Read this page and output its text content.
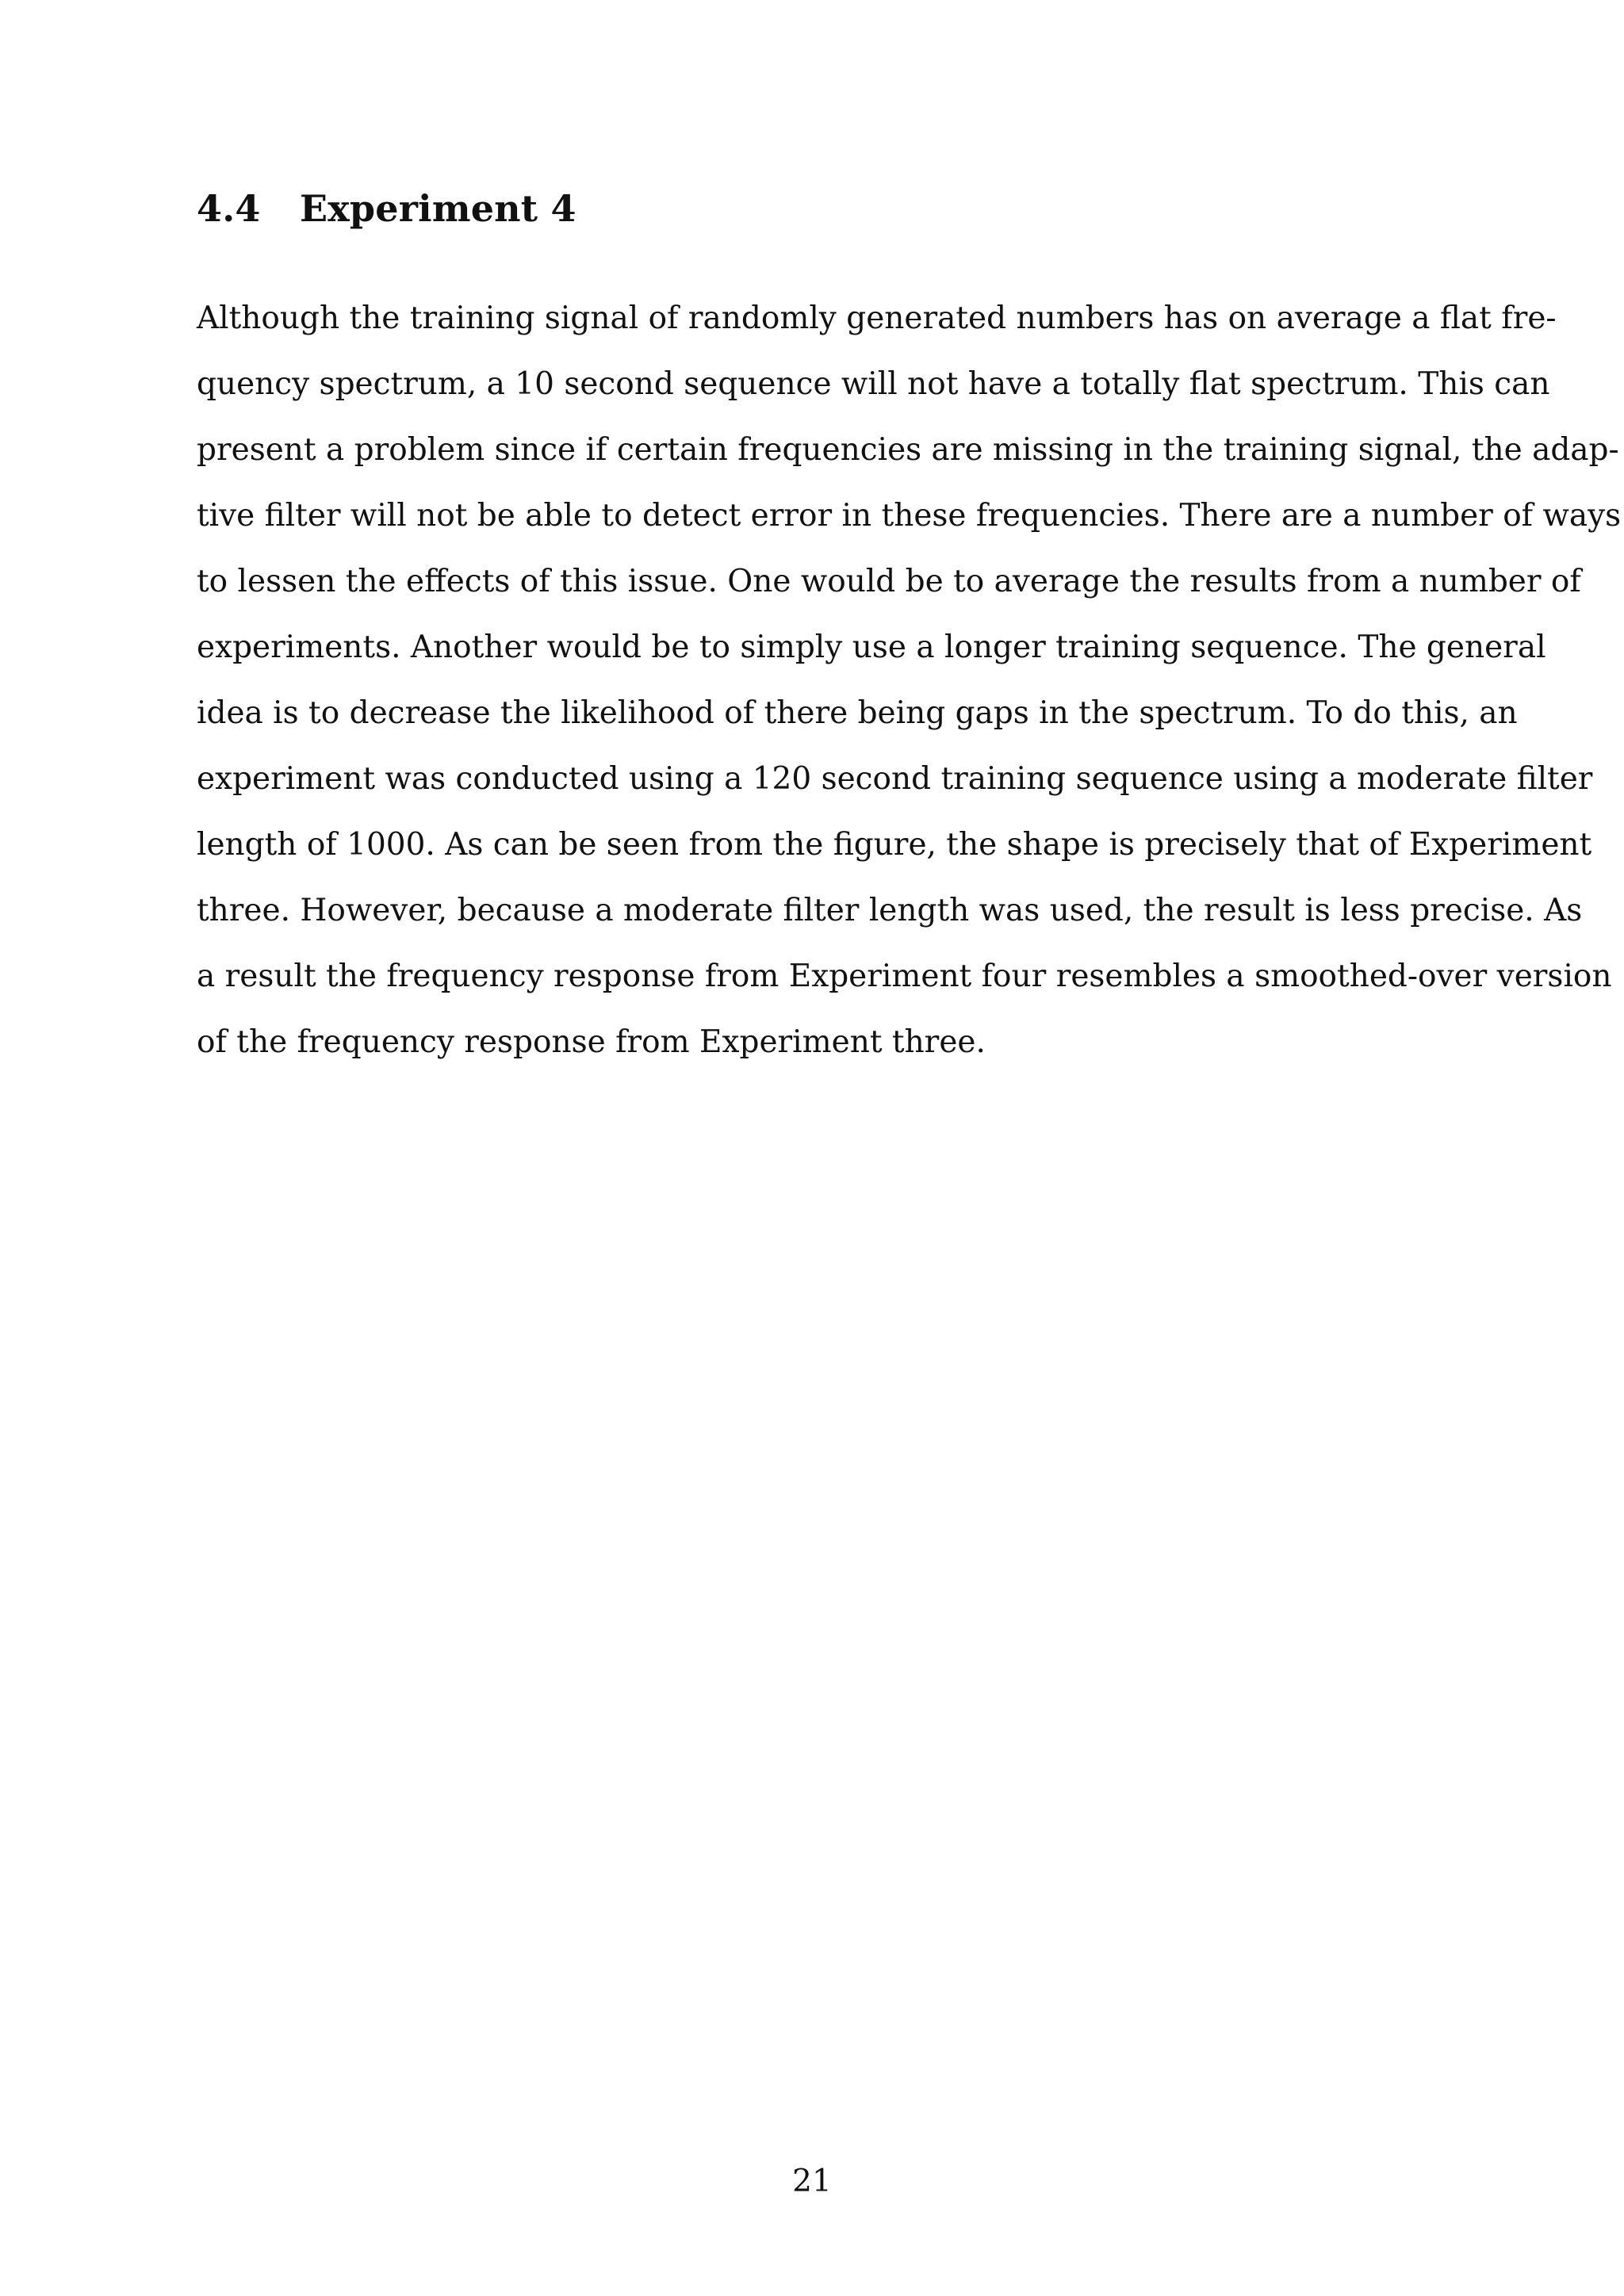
4.4 Experiment 4
Although the training signal of randomly generated numbers has on average a flat fre-
quency spectrum, a 10 second sequence will not have a totally flat spectrum. This can
present a problem since if certain frequencies are missing in the training signal, the adap-
tive filter will not be able to detect error in these frequencies. There are a number of ways
to lessen the effects of this issue. One would be to average the results from a number of
experiments. Another would be to simply use a longer training sequence. The general
idea is to decrease the likelihood of there being gaps in the spectrum. To do this, an
experiment was conducted using a 120 second training sequence using a moderate filter
length of 1000. As can be seen from the figure, the shape is precisely that of Experiment
three. However, because a moderate filter length was used, the result is less precise. As
a result the frequency response from Experiment four resembles a smoothed-over version
of the frequency response from Experiment three.

21
